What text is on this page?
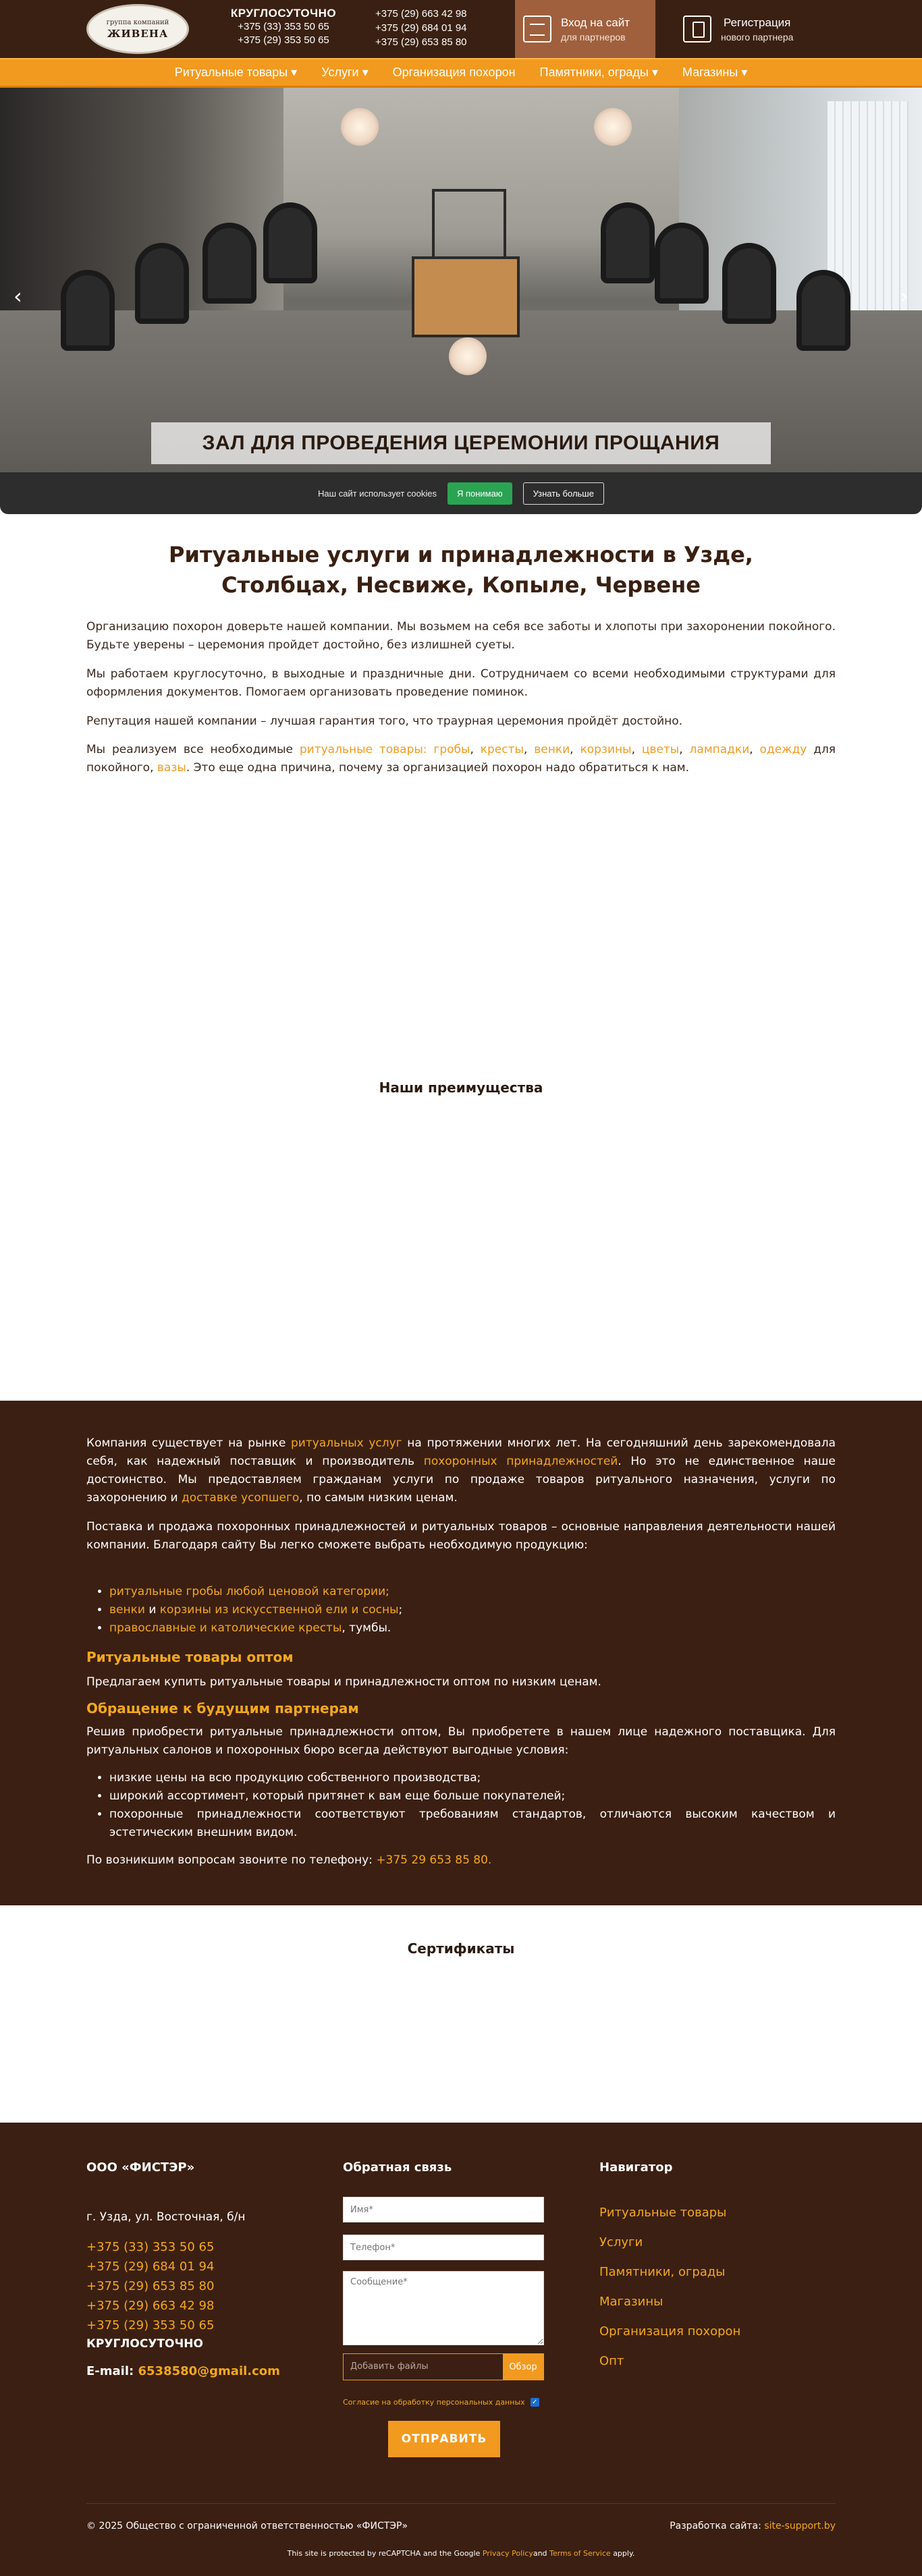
группа компаний
ЖИВЕНА
КРУГЛОСУТОЧНО
+375 (33) 353 50 65
+375 (29) 353 50 65
+375 (29) 663 42 98
+375 (29) 684 01 94
+375 (29) 653 85 80
Вход на сайт
для партнеров
Регистрация
нового партнера
Ритуальные товары ▾ Услуги ▾ Организация похорон Памятники, ограды ▾ Магазины ▾
‹	›
ЗАЛ ДЛЯ ПРОВЕДЕНИЯ ЦЕРЕМОНИИ ПРОЩАНИЯ
Наш сайт использует cookies	Я понимаю	Узнать больше
Ритуальные услуги и принадлежности в Узде, Столбцах, Несвиже, Копыле, Червене

Организацию похорон доверьте нашей компании. Мы возьмем на себя все заботы и хлопоты при захоронении покойного. Будьте уверены – церемония пройдет достойно, без излишней суеты.

Мы работаем круглосуточно, в выходные и праздничные дни. Сотрудничаем со всеми необходимыми структурами для оформления документов. Помогаем организовать проведение поминок.

Репутация нашей компании – лучшая гарантия того, что траурная церемония пройдёт достойно.

Мы реализуем все необходимые ритуальные товары: гробы, кресты, венки, корзины, цветы, лампадки, одежду для покойного, вазы. Это еще одна причина, почему за организацией похорон надо обратиться к нам.

Наши преимущества

Компания существует на рынке ритуальных услуг на протяжении многих лет. На сегодняшний день зарекомендовала себя, как надежный поставщик и производитель похоронных принадлежностей. Но это не единственное наше достоинство. Мы предоставляем гражданам услуги по продаже товаров ритуального назначения, услуги по захоронению и доставке усопшего, по самым низким ценам.

Поставка и продажа похоронных принадлежностей и ритуальных товаров – основные направления деятельности нашей компании. Благодаря сайту Вы легко сможете выбрать необходимую продукцию:

• ритуальные гробы любой ценовой категории;
• венки и корзины из искусственной ели и сосны;
• православные и католические кресты, тумбы.
Ритуальные товары оптом

Предлагаем купить ритуальные товары и принадлежности оптом по низким ценам.

Обращение к будущим партнерам

Решив приобрести ритуальные принадлежности оптом, Вы приобретете в нашем лице надежного поставщика. Для ритуальных салонов и похоронных бюро всегда действуют выгодные условия:

• низкие цены на всю продукцию собственного производства;
• широкий ассортимент, который притянет к вам еще больше покупателей;
• похоронные принадлежности соответствуют требованиям стандартов, отличаются высоким качеством и эстетическим внешним видом.

По возникшим вопросам звоните по телефону: +375 29 653 85 80.

Сертификаты
ООО «ФИСТЭР»	Обратная связь	Навигатор
г. Узда, ул. Восточная, б/н
+375 (33) 353 50 65
+375 (29) 684 01 94
+375 (29) 653 85 80
+375 (29) 663 42 98
+375 (29) 353 50 65
КРУГЛОСУТОЧНО
E-mail: 6538580@gmail.com
Имя*
Телефон*
Сообщение*	Добавить файлы	Обзор
Согласие на обработку персональных данных ✓
ОТПРАВИТЬ
Ритуальные товары
Услуги
Памятники, ограды
Магазины
Организация похорон
Опт
© 2025 Общество с ограниченной ответственностью «ФИСТЭР»	Разработка сайта: site-support.by
This site is protected by reCAPTCHA and the Google Privacy Policyand Terms of Service apply.
